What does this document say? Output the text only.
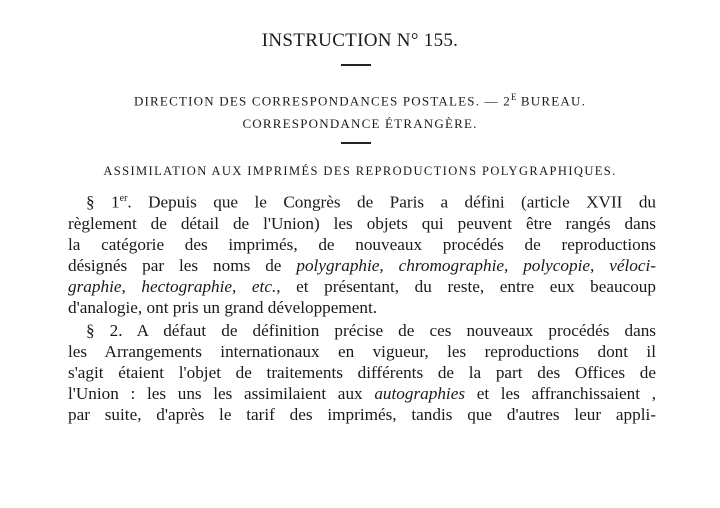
INSTRUCTION N° 155.
DIRECTION DES CORRESPONDANCES POSTALES. — $2^E$ BUREAU.
CORRESPONDANCE ÉTRANGÈRE.
ASSIMILATION AUX IMPRIMÉS DES REPRODUCTIONS POLYGRAPHIQUES.
§ 1er. Depuis que le Congrès de Paris a défini (article XVII du
règlement de détail de l'Union) les objets qui peuvent être rangés dans
la catégorie des imprimés, de nouveaux procédés de reproductions
désignés par les noms de polygraphie, chromographie, polycopie, véloci-
graphie, hectographie, etc., et présentant, du reste, entre eux beaucoup
d'analogie, ont pris un grand développement.
§ 2. A défaut de définition précise de ces nouveaux procédés dans
les Arrangements internationaux en vigueur, les reproductions dont il
s'agit étaient l'objet de traitements différents de la part des Offices de
l'Union : les uns les assimilaient aux autographies et les affranchissaient ,
par suite, d'après le tarif des imprimés, tandis que d'autres leur appli-
